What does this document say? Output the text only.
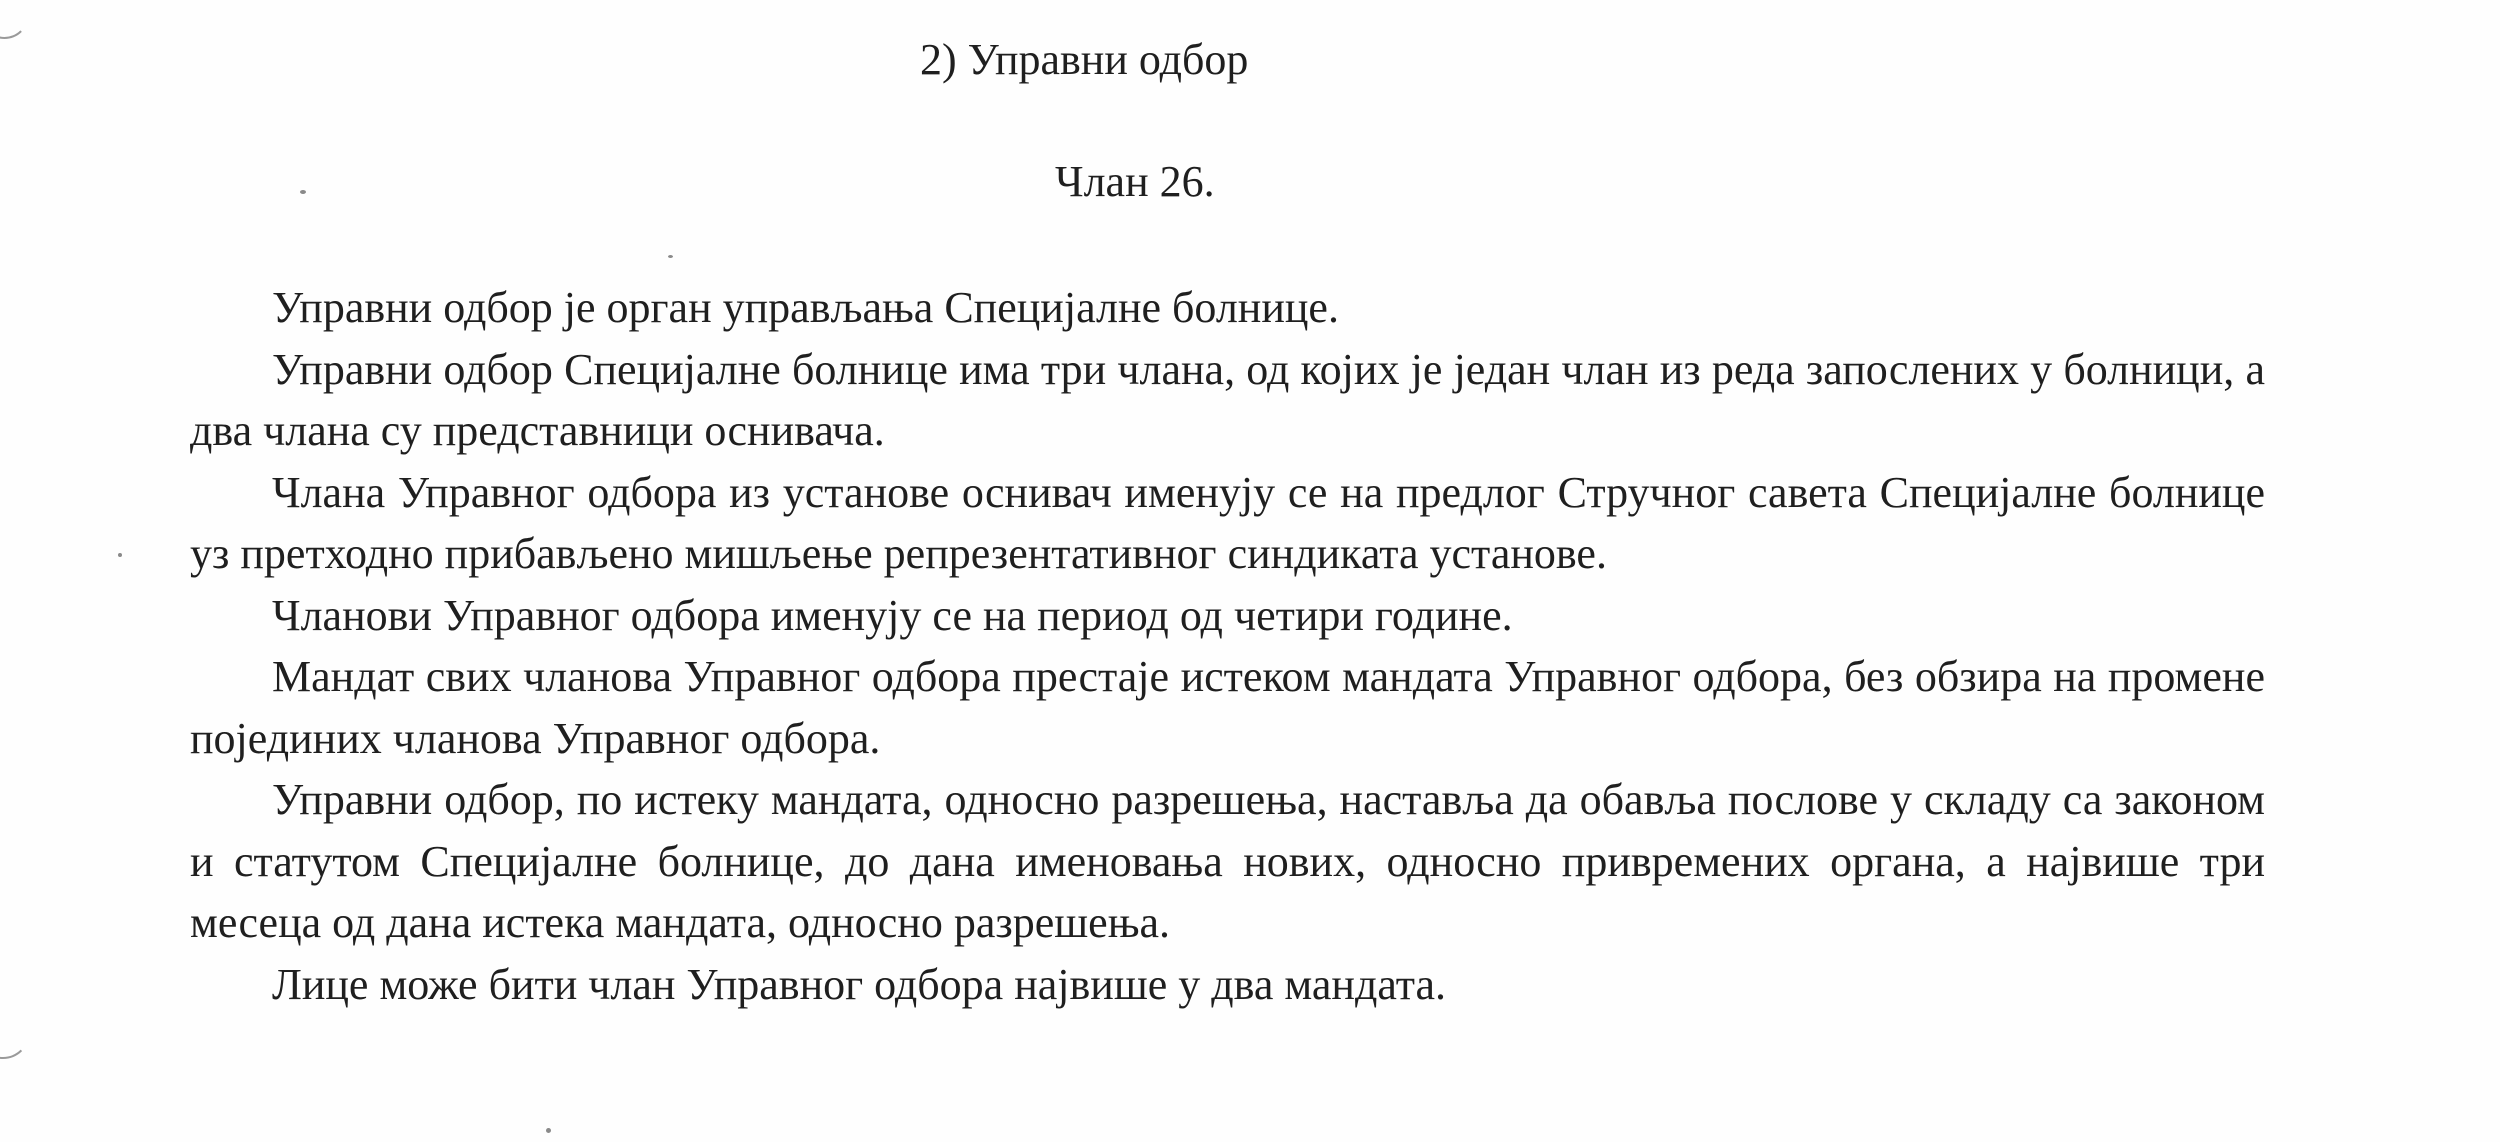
2) Управни одбор
Члан 26.

Управни одбор је орган управљања Специјалне болнице.

Управни одбор Специјалне болнице има три члана, од којих је један члан из реда запослених у болници, а два члана су представници оснивача.

Члана Управног одбора из установе оснивач именују се на предлог Стручног савета Специјалне болнице уз претходно прибављено мишљење репрезентативног синдиката установе.

Чланови Управног одбора именују се на период од четири године.

Мандат свих чланова Управног одбора престаје истеком мандата Управног одбора, без обзира на промене појединих чланова Управног одбора.

Управни одбор, по истеку мандата, односно разрешења, наставља да обавља послове у складу са законом и статутом Специјалне болнице, до дана именовања нових, односно привремених органа, а највише три месеца од дана истека мандата, односно разрешења.

Лице може бити члан Управног одбора највише у два мандата.
